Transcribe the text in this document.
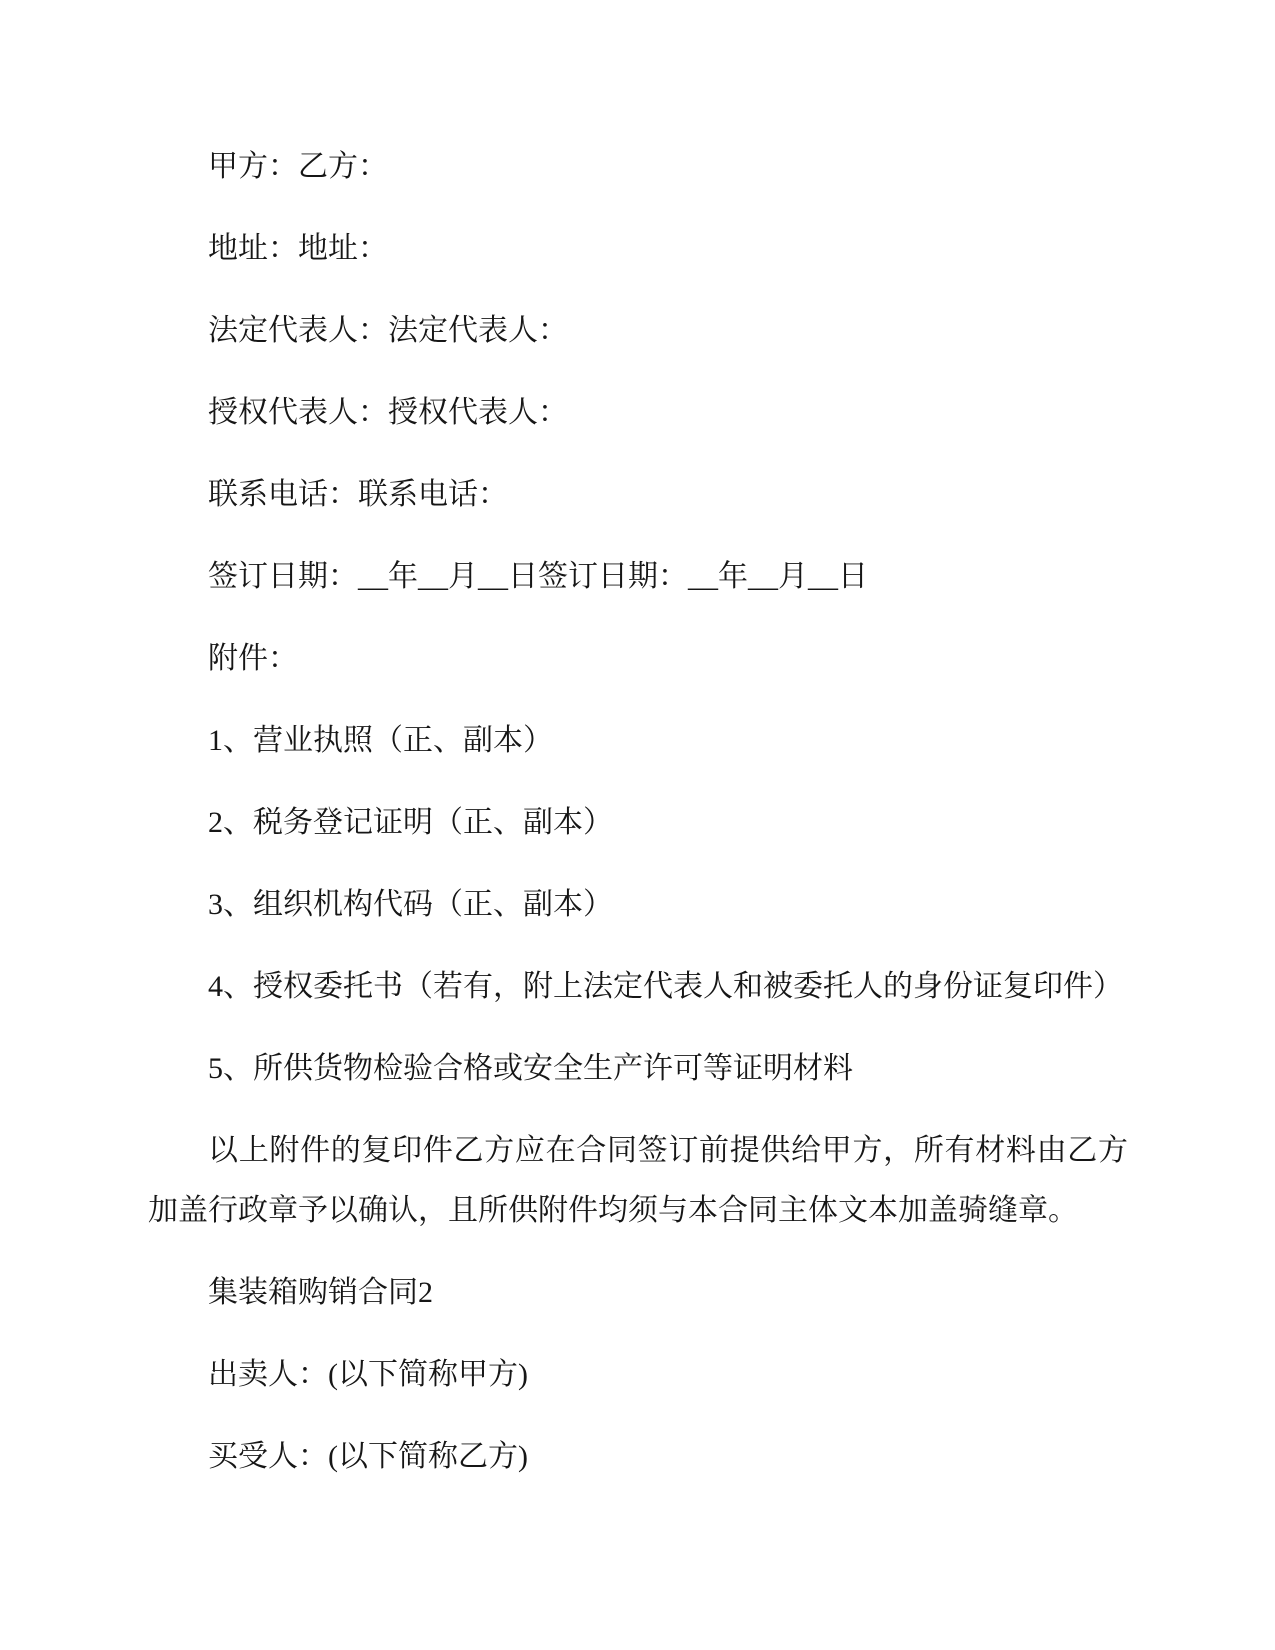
甲方：乙方：

地址：地址：

法定代表人：法定代表人：

授权代表人：授权代表人：

联系电话：联系电话：

签订日期：__年__月__日签订日期：__年__月__日

附件：

1、营业执照（正、副本）

2、税务登记证明（正、副本）

3、组织机构代码（正、副本）

4、授权委托书（若有，附上法定代表人和被委托人的身份证复印件）

5、所供货物检验合格或安全生产许可等证明材料

以上附件的复印件乙方应在合同签订前提供给甲方，所有材料由乙方加盖行政章予以确认，且所供附件均须与本合同主体文本加盖骑缝章。

集装箱购销合同2

出卖人：(以下简称甲方)

买受人：(以下简称乙方)
